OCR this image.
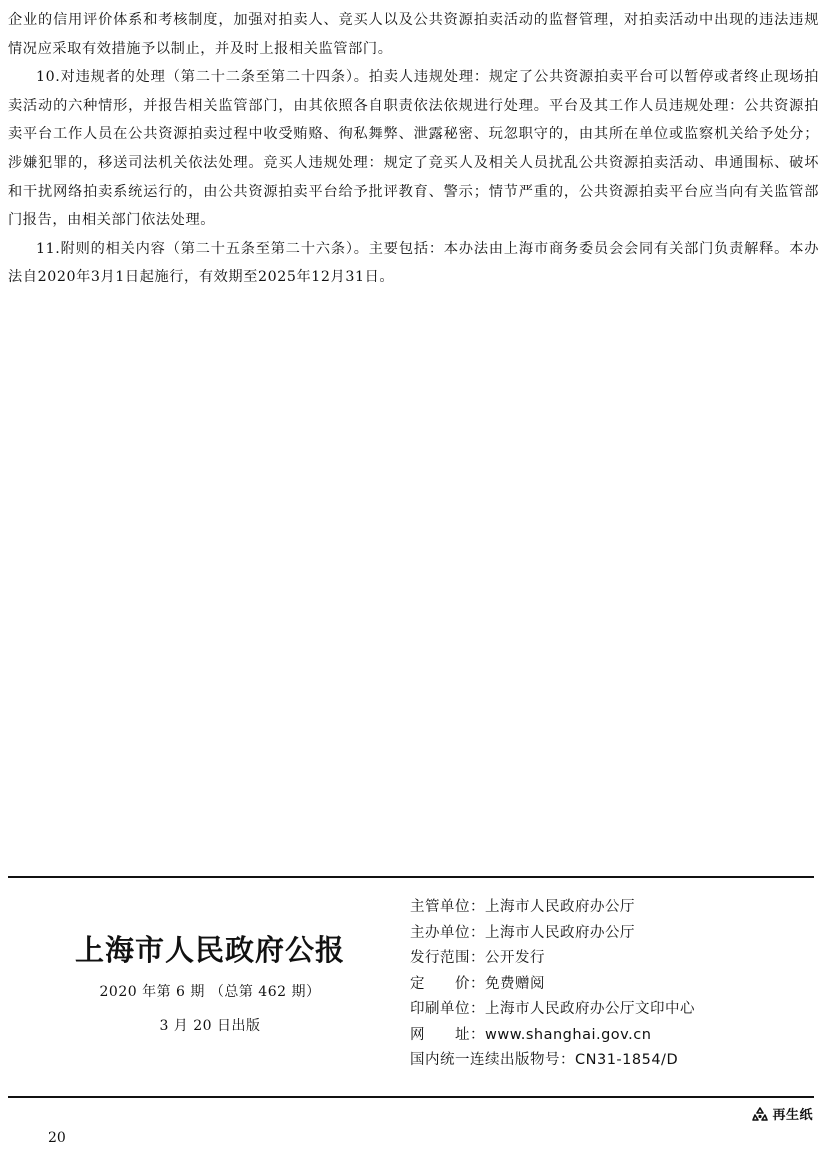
企业的信用评价体系和考核制度，加强对拍卖人、竞买人以及公共资源拍卖活动的监督管理，对拍卖活动中出现的违法违规情况应采取有效措施予以制止，并及时上报相关监管部门。

10.对违规者的处理（第二十二条至第二十四条）。拍卖人违规处理：规定了公共资源拍卖平台可以暂停或者终止现场拍卖活动的六种情形，并报告相关监管部门，由其依照各自职责依法依规进行处理。平台及其工作人员违规处理：公共资源拍卖平台工作人员在公共资源拍卖过程中收受贿赂、徇私舞弊、泄露秘密、玩忽职守的，由其所在单位或监察机关给予处分；涉嫌犯罪的，移送司法机关依法处理。竞买人违规处理：规定了竞买人及相关人员扰乱公共资源拍卖活动、串通围标、破坏和干扰网络拍卖系统运行的，由公共资源拍卖平台给予批评教育、警示；情节严重的，公共资源拍卖平台应当向有关监管部门报告，由相关部门依法处理。

11.附则的相关内容（第二十五条至第二十六条）。主要包括：本办法由上海市商务委员会会同有关部门负责解释。本办法自2020年3月1日起施行，有效期至2025年12月31日。

上海市人民政府公报
2020 年第 6 期 （总第 462 期）
3 月 20 日出版
主管单位： 上海市人民政府办公厅
主办单位： 上海市人民政府办公厅
发行范围： 公开发行
定　　价： 免费赠阅
印刷单位： 上海市人民政府办公厅文印中心
网　　址： www.shanghai.gov.cn
国内统一连续出版物号： CN31-1854/D
再生纸
20
